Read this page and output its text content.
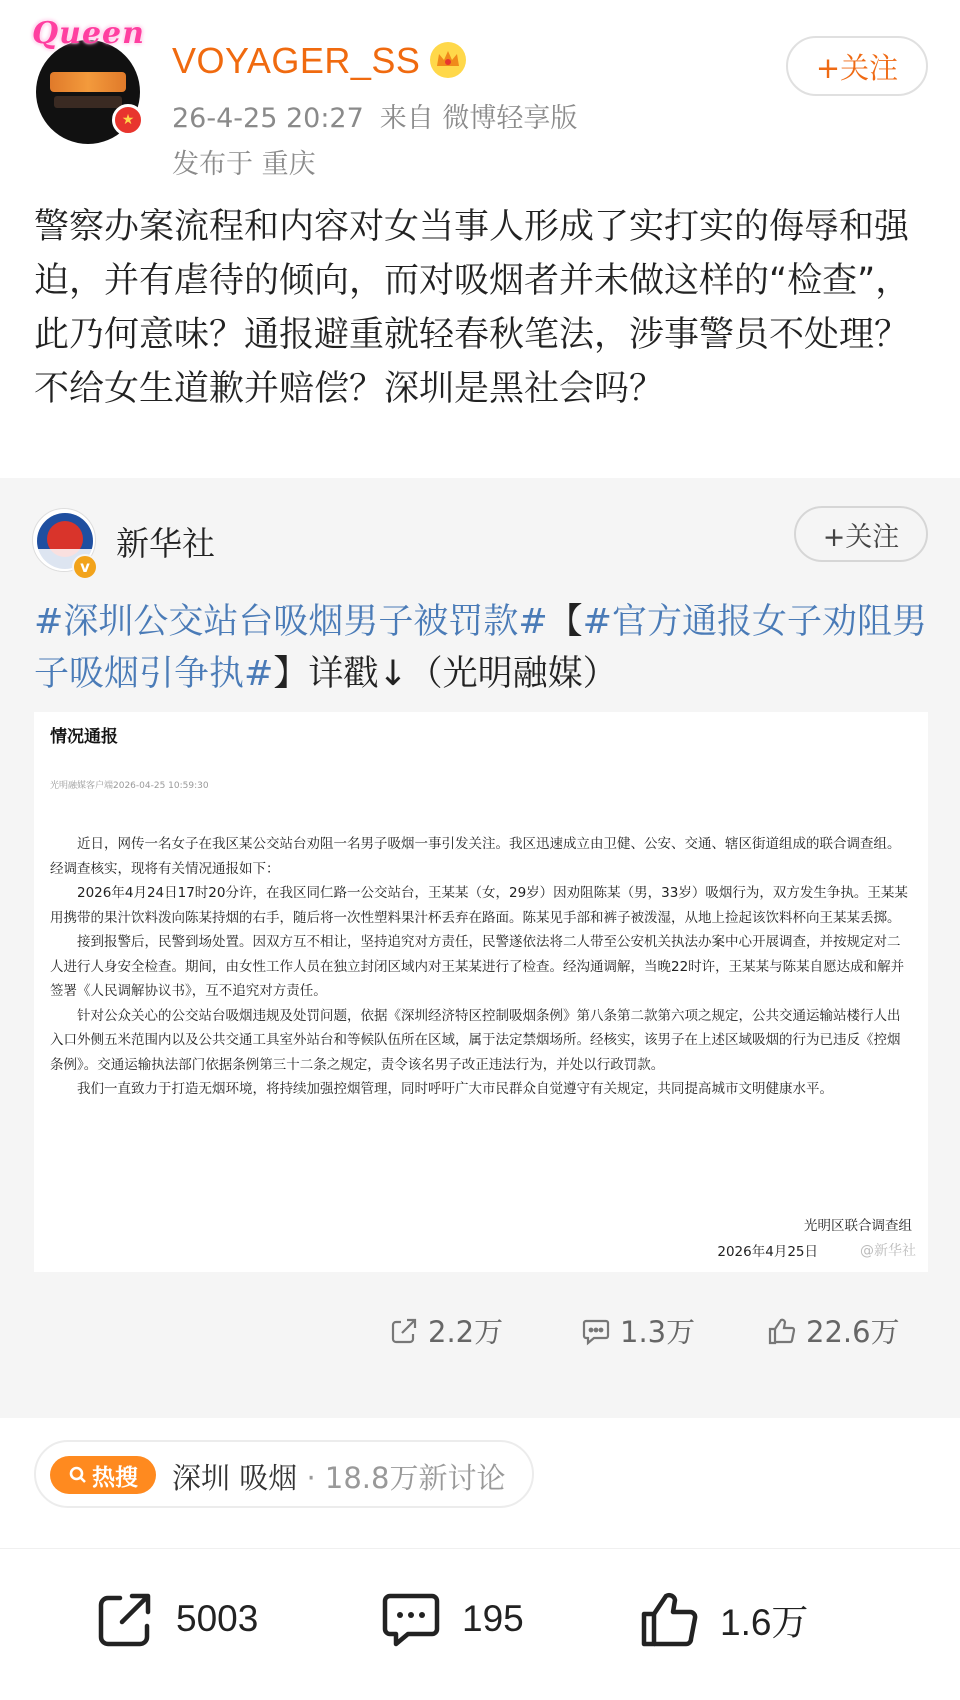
Queen
★
VOYAGER_SS
26-4-25 20:27 来自 微博轻享版
发布于 重庆
+关注
警察办案流程和内容对女当事人形成了实打实的侮辱和强迫，并有虐待的倾向，而对吸烟者并未做这样的“检查”，此乃何意味？通报避重就轻春秋笔法，涉事警员不处理？不给女生道歉并赔偿？深圳是黑社会吗？
v
新华社	+关注
#深圳公交站台吸烟男子被罚款#【#官方通报女子劝阻男子吸烟引争执#】详戳↓（光明融媒）
情况通报
光明融媒客户端2026-04-25 10:59:30

近日，网传一名女子在我区某公交站台劝阻一名男子吸烟一事引发关注。我区迅速成立由卫健、公安、交通、辖区街道组成的联合调查组。经调查核实，现将有关情况通报如下：

2026年4月24日17时20分许，在我区同仁路一公交站台，王某某（女，29岁）因劝阻陈某（男，33岁）吸烟行为，双方发生争执。王某某用携带的果汁饮料泼向陈某持烟的右手，随后将一次性塑料果汁杯丢弃在路面。陈某见手部和裤子被泼湿，从地上捡起该饮料杯向王某某丢掷。

接到报警后，民警到场处置。因双方互不相让，坚持追究对方责任，民警遂依法将二人带至公安机关执法办案中心开展调查，并按规定对二人进行人身安全检查。期间，由女性工作人员在独立封闭区域内对王某某进行了检查。经沟通调解，当晚22时许，王某某与陈某自愿达成和解并签署《人民调解协议书》，互不追究对方责任。

针对公众关心的公交站台吸烟违规及处罚问题，依据《深圳经济特区控制吸烟条例》第八条第二款第六项之规定，公共交通运输站楼行人出入口外侧五米范围内以及公共交通工具室外站台和等候队伍所在区域，属于法定禁烟场所。经核实，该男子在上述区域吸烟的行为已违反《控烟条例》。交通运输执法部门依据条例第三十二条之规定，责令该名男子改正违法行为，并处以行政罚款。

我们一直致力于打造无烟环境，将持续加强控烟管理，同时呼吁广大市民群众自觉遵守有关规定，共同提高城市文明健康水平。

光明区联合调查组
2026年4月25日	@新华社
2.2万	1.3万	22.6万
热搜 深圳 吸烟 · 18.8万新讨论
5003	195	1.6万
